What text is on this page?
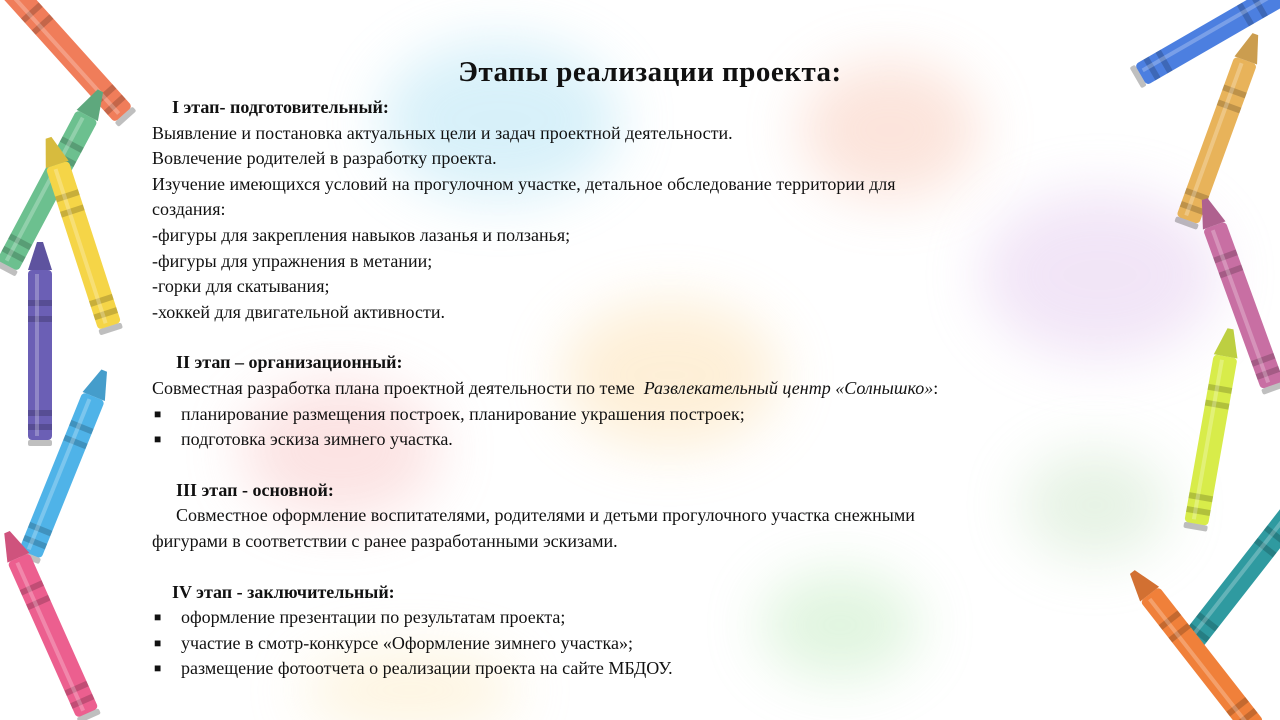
Этапы реализации проекта:
I этап- подготовительный:
Выявление и постановка актуальных цели и задач проектной деятельности.
Вовлечение родителей в разработку проекта.
Изучение имеющихся условий на прогулочном участке, детальное обследование территории для
создания:
-фигуры для закрепления навыков лазанья и ползанья;
-фигуры для упражнения в метании;
-горки для скатывания;
-хоккей для двигательной активности.
II этап – организационный:
Совместная разработка плана проектной деятельности по теме Развлекательный центр «Солнышко»:
■ планирование размещения построек, планирование украшения построек;
■ подготовка эскиза зимнего участка.
III этап - основной:
Совместное оформление воспитателями, родителями и детьми прогулочного участка снежными
фигурами в соответствии с ранее разработанными эскизами.
IV этап - заключительный:
■ оформление презентации по результатам проекта;
■ участие в смотр-конкурсе «Оформление зимнего участка»;
■ размещение фотоотчета о реализации проекта на сайте МБДОУ.
